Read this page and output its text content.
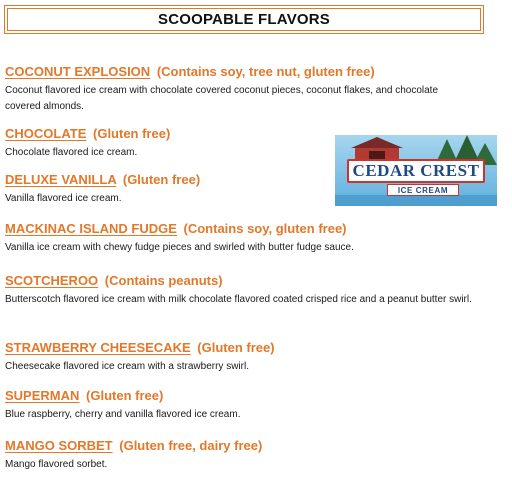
SCOOPABLE FLAVORS
COCONUT EXPLOSION (Contains soy, tree nut, gluten free)
Coconut flavored ice cream with chocolate covered coconut pieces, coconut flakes, and chocolate covered almonds.
CHOCOLATE (Gluten free)
Chocolate flavored ice cream.
DELUXE VANILLA (Gluten free)
Vanilla flavored ice cream.
MACKINAC ISLAND FUDGE (Contains soy, gluten free)
Vanilla ice cream with chewy fudge pieces and swirled with butter fudge sauce.
SCOTCHEROO (Contains peanuts)
Butterscotch flavored ice cream with milk chocolate flavored coated crisped rice and a peanut butter swirl.
STRAWBERRY CHEESECAKE (Gluten free)
Cheesecake flavored ice cream with a strawberry swirl.
SUPERMAN (Gluten free)
Blue raspberry, cherry and vanilla flavored ice cream.
MANGO SORBET (Gluten free, dairy free)
Mango flavored sorbet.
CEDAR CREST
ICE CREAM
